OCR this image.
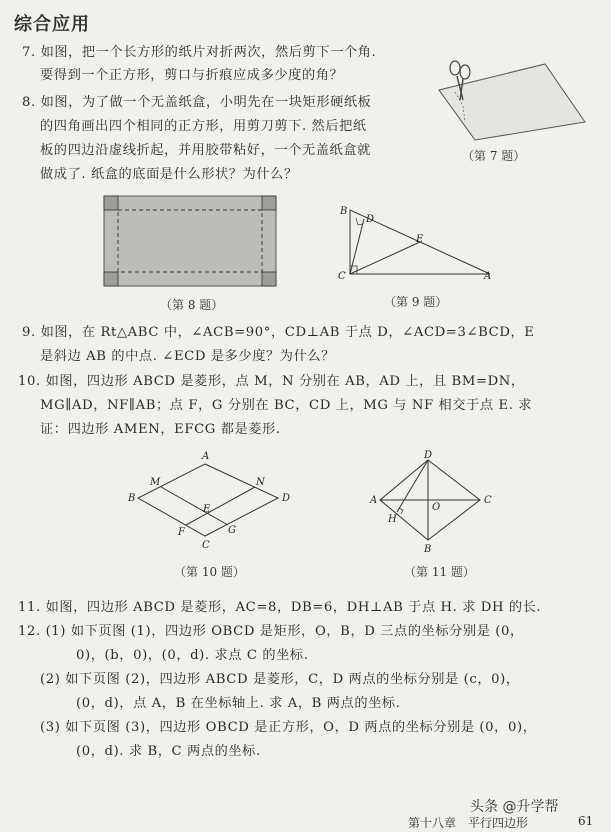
综合应用
7. 如图，把一个长方形的纸片对折两次，然后剪下一个角.
要得到一个正方形，剪口与折痕应成多少度的角？
（第 7 题）
8. 如图，为了做一个无盖纸盒，小明先在一块矩形硬纸板
的四角画出四个相同的正方形，用剪刀剪下. 然后把纸
板的四边沿虚线折起，并用胶带粘好，一个无盖纸盒就
做成了. 纸盒的底面是什么形状？为什么？
（第 8 题）
B
D
E
C	A
（第 9 题）
9. 如图，在 Rt△ABC 中，∠ACB=90°，CD⊥AB 于点 D，∠ACD=3∠BCD，E
是斜边 AB 的中点. ∠ECD 是多少度？为什么？
10. 如图，四边形 ABCD 是菱形，点 M，N 分别在 AB，AD 上，且 BM=DN，
MG∥AD，NF∥AB；点 F，G 分别在 BC，CD 上，MG 与 NF 相交于点 E. 求
证：四边形 AMEN，EFCG 都是菱形.
A
M	N
B	D
E
F	G
C
（第 10 题）
D
A
H
O
C
B
（第 11 题）
11. 如图，四边形 ABCD 是菱形，AC=8，DB=6，DH⊥AB 于点 H. 求 DH 的长.
12. (1) 如下页图 (1)，四边形 OBCD 是矩形，O，B，D 三点的坐标分别是 (0，
0)，(b，0)，(0，d). 求点 C 的坐标.
(2) 如下页图 (2)，四边形 ABCD 是菱形，C，D 两点的坐标分别是 (c，0)，
(0，d)，点 A，B 在坐标轴上. 求 A，B 两点的坐标.
(3) 如下页图 (3)，四边形 OBCD 是正方形，O，D 两点的坐标分别是 (0，0)，
(0，d). 求 B，C 两点的坐标.
头条 @升学帮
第十八章　平行四边形	61
